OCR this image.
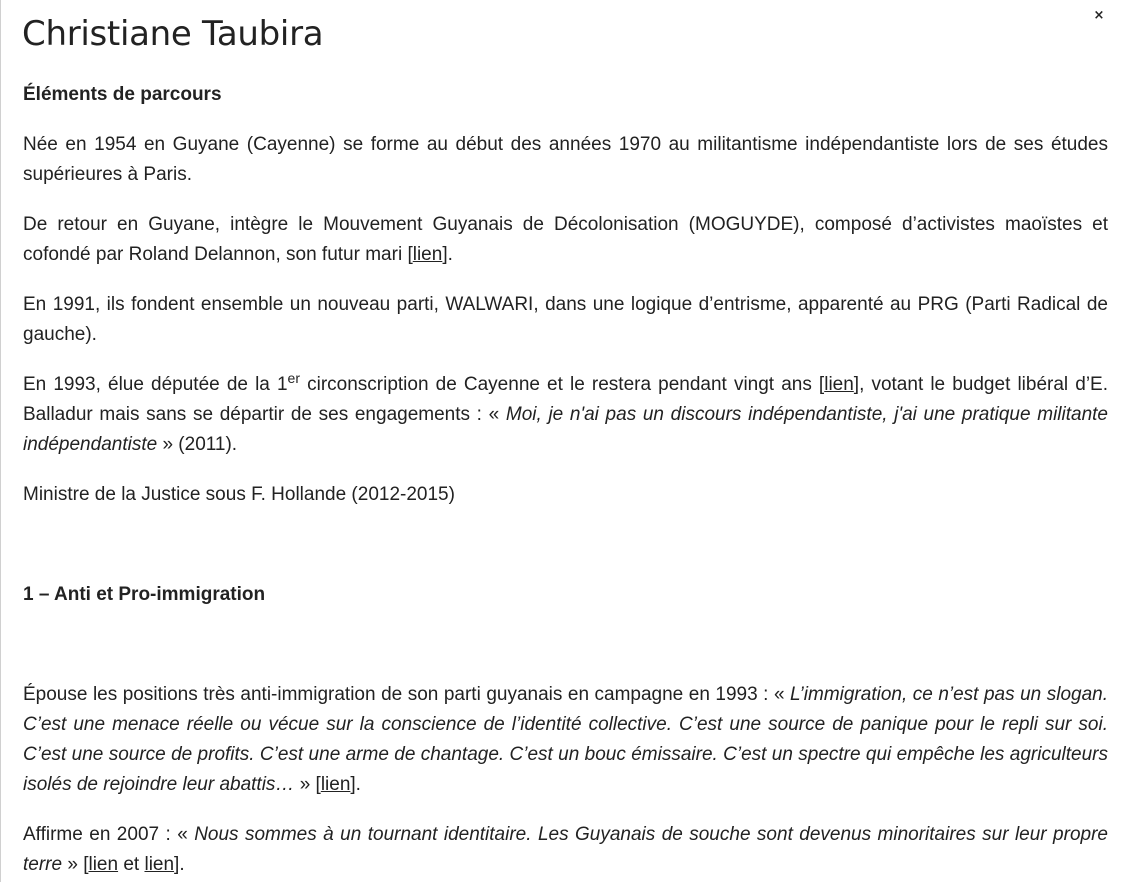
Christiane Taubira	×
Éléments de parcours

Née en 1954 en Guyane (Cayenne) se forme au début des années 1970 au militantisme indépendantiste lors de ses études supérieures à Paris.

De retour en Guyane, intègre le Mouvement Guyanais de Décolonisation (MOGUYDE), composé d’activistes maoïstes et cofondé par Roland Delannon, son futur mari [lien].

En 1991, ils fondent ensemble un nouveau parti, WALWARI, dans une logique d’entrisme, apparenté au PRG (Parti Radical de gauche).

En 1993, élue députée de la 1er circonscription de Cayenne et le restera pendant vingt ans [lien], votant le budget libéral d’E. Balladur mais sans se départir de ses engagements : « Moi, je n'ai pas un discours indépendantiste, j'ai une pratique militante indépendantiste » (2011).

Ministre de la Justice sous F. Hollande (2012-2015)

1 – Anti et Pro-immigration

Épouse les positions très anti-immigration de son parti guyanais en campagne en 1993 : « L’immigration, ce n’est pas un slogan. C’est une menace réelle ou vécue sur la conscience de l’identité collective. C’est une source de panique pour le repli sur soi. C’est une source de profits. C’est une arme de chantage. C’est un bouc émissaire. C’est un spectre qui empêche les agriculteurs isolés de rejoindre leur abattis… » [lien].

Affirme en 2007 : « Nous sommes à un tournant identitaire. Les Guyanais de souche sont devenus minoritaires sur leur propre terre » [lien et lien].
